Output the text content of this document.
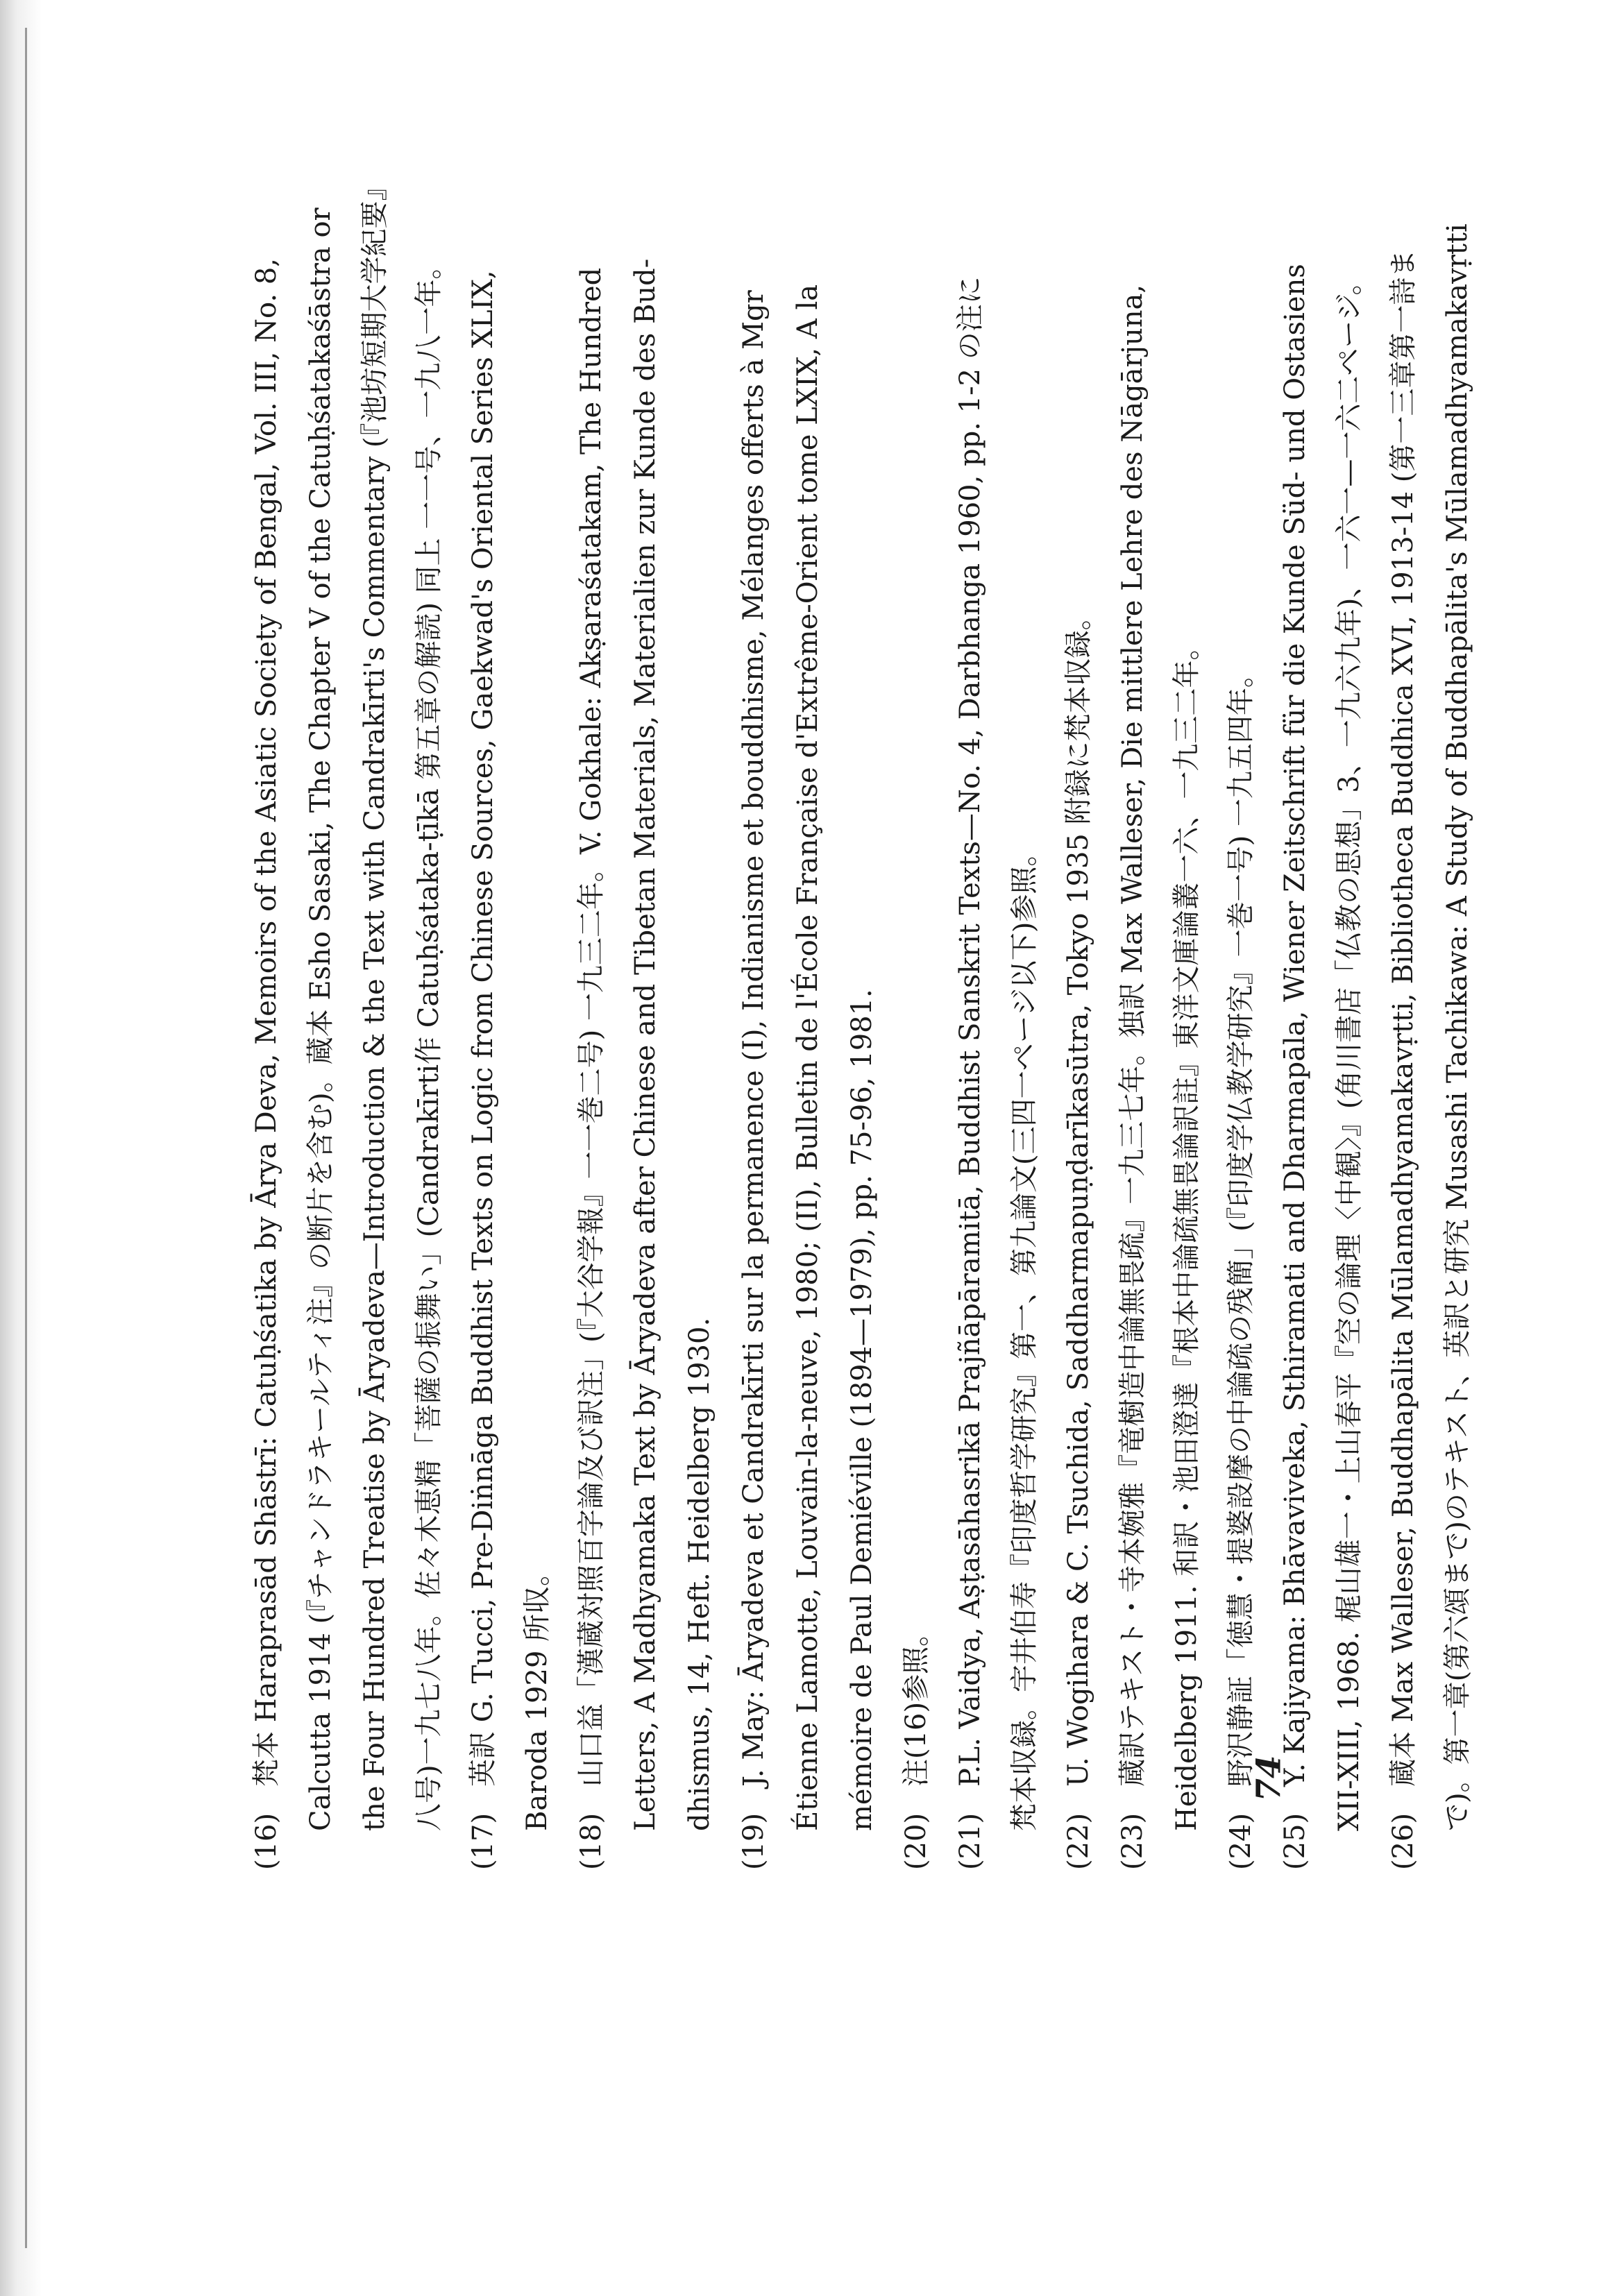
(16)梵本 Haraprasād Shāstrī: Catuḥśatika by Ārya Deva, Memoirs of the Asiatic Society of Bengal, Vol. III, No. 8, Calcutta 1914 (『チャンドラキールティ注』の断片を含む)。蔵本 Esho Sasaki, The Chapter V of the Catuḥśatakaśāstra or the Four Hundred Treatise by Āryadeva—Introduction & the Text with Candrakīrti's Commentary (『池坊短期大学紀要』 八号)一九七八年。佐々木恵精「菩薩の振舞い」(Candrakīrti作 Catuḥśataka-ṭīkā 第五章の解読) 同上 一一号、一九八一年。
(17)英訳 G. Tucci, Pre-Diṅnāga Buddhist Texts on Logic from Chinese Sources, Gaekwad's Oriental Series XLIX, Baroda 1929 所収。
(18)山口益「漢蔵対照百字論及び訳注」(『大谷学報』一一巻二号) 一九三二年。V. Gokhale: Akṣaraśatakam, The Hundred Letters, A Madhyamaka Text by Āryadeva after Chinese and Tibetan Materials, Materialien zur Kunde des Bud- dhismus, 14, Heft. Heidelberg 1930.
(19)J. May: Āryadeva et Candrakīrti sur la permanence (I), Indianisme et bouddhisme, Mélanges offerts à Mgr Étienne Lamotte, Louvain-la-neuve, 1980; (II), Bulletin de l'École Française d'Extrême-Orient tome LXIX, A la mémoire de Paul Demiéville (1894—1979), pp. 75-96, 1981.
(20)注(16)参照。
(21)P.L. Vaidya, Aṣṭasāhasrikā Prajñāpāramitā, Buddhist Sanskrit Texts—No. 4, Darbhanga 1960, pp. 1-2 の注に 梵本収録。宇井伯寿『印度哲学研究』第一、第九論文(三四一ページ以下)参照。
(22)U. Wogihara & C. Tsuchida, Saddharmapuṇḍarīkasūtra, Tokyo 1935 附録に梵本収録。
(23)蔵訳テキスト・寺本婉雅『竜樹造中論無畏疏』一九三七年。独訳 Max Walleser, Die mittlere Lehre des Nāgārjuna, Heidelberg 1911. 和訳・池田澄達『根本中論疏無畏論訳註』東洋文庫論叢一六、一九三二年。
(24)野沢静証「徳慧・提婆設摩の中論疏の残簡」(『印度学仏教学研究』一巻一号) 一九五四年。
(25)Y. Kajiyama: Bhāvaviveka, Sthiramati and Dharmapāla, Wiener Zeitschrift für die Kunde Süd- und Ostasiens XII-XIII, 1968. 梶山雄一・上山春平『空の論理〈中観〉』(角川書店「仏教の思想」3、一九六九年)、一六一—一六二ページ。
(26)蔵本 Max Walleser, Buddhapālita Mūlamadhyamakavṛtti, Bibliotheca Buddhica XVI, 1913-14 (第一三章第一詩ま で)。第一章(第六頌まで)のテキスト、英訳と研究 Musashi Tachikawa: A Study of Buddhapālita's Mūlamadhyamakavṛtti
74
